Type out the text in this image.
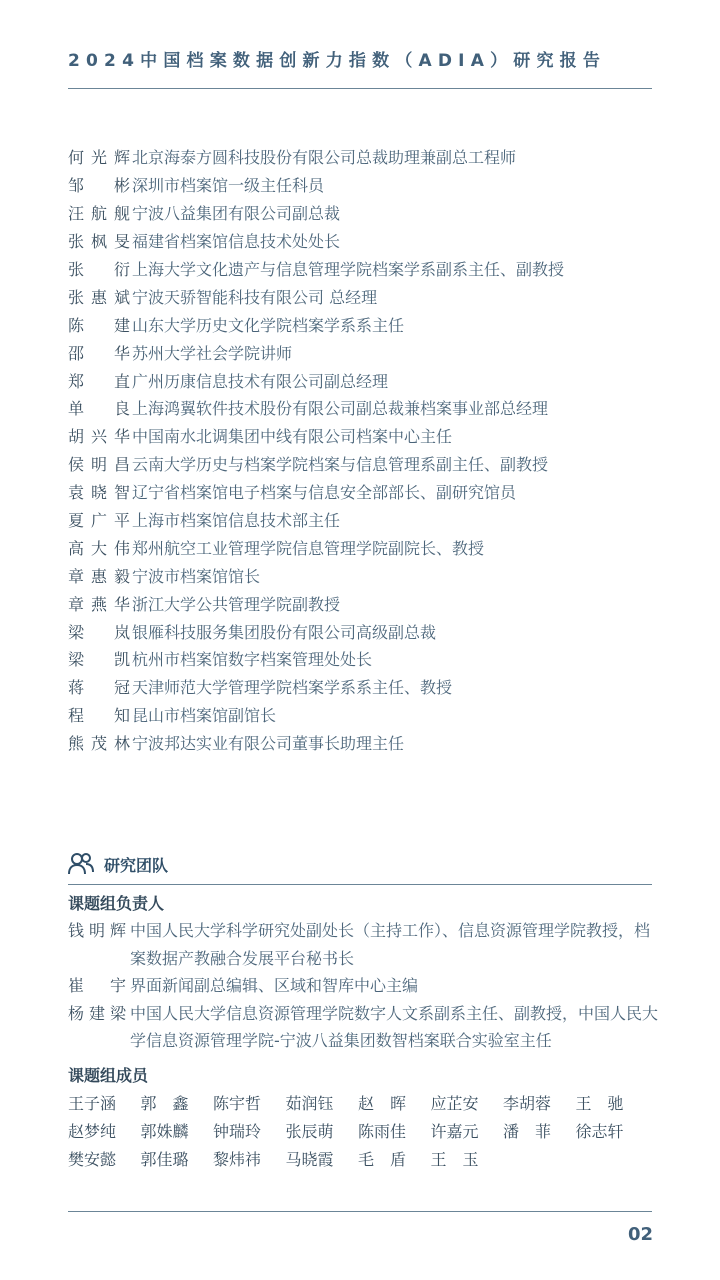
2024中国档案数据创新力指数（ADIA）研究报告
何光辉 北京海泰方圆科技股份有限公司总裁助理兼副总工程师
邹　彬 深圳市档案馆一级主任科员
汪航舰 宁波八益集团有限公司副总裁
张枫旻 福建省档案馆信息技术处处长
张　衍 上海大学文化遗产与信息管理学院档案学系副系主任、副教授
张惠斌 宁波天骄智能科技有限公司 总经理
陈　建 山东大学历史文化学院档案学系系主任
邵　华 苏州大学社会学院讲师
郑　直 广州历康信息技术有限公司副总经理
单　良 上海鸿翼软件技术股份有限公司副总裁兼档案事业部总经理
胡兴华 中国南水北调集团中线有限公司档案中心主任
侯明昌 云南大学历史与档案学院档案与信息管理系副主任、副教授
袁晓智 辽宁省档案馆电子档案与信息安全部部长、副研究馆员
夏广平 上海市档案馆信息技术部主任
高大伟 郑州航空工业管理学院信息管理学院副院长、教授
章惠毅 宁波市档案馆馆长
章燕华 浙江大学公共管理学院副教授
梁　岚 银雁科技服务集团股份有限公司高级副总裁
梁　凯 杭州市档案馆数字档案管理处处长
蒋　冠 天津师范大学管理学院档案学系系主任、教授
程　知 昆山市档案馆副馆长
熊茂林 宁波邦达实业有限公司董事长助理主任
研究团队
课题组负责人
钱明辉 中国人民大学科学研究处副处长（主持工作）、信息资源管理学院教授，档案数据产教融合发展平台秘书长
崔　宇 界面新闻副总编辑、区域和智库中心主编
杨建梁 中国人民大学信息资源管理学院数字人文系副系主任、副教授，中国人民大学信息资源管理学院-宁波八益集团数智档案联合实验室主任
课题组成员
王子涵	郭　鑫	陈宇哲	茹润钰	赵　晖	应芷安	李胡蓉	王　驰
赵梦纯	郭姝麟	钟瑞玲	张辰萌	陈雨佳	许嘉元	潘　菲	徐志轩
樊安懿	郭佳璐	黎炜祎	马晓霞	毛　盾	王　玉
02
